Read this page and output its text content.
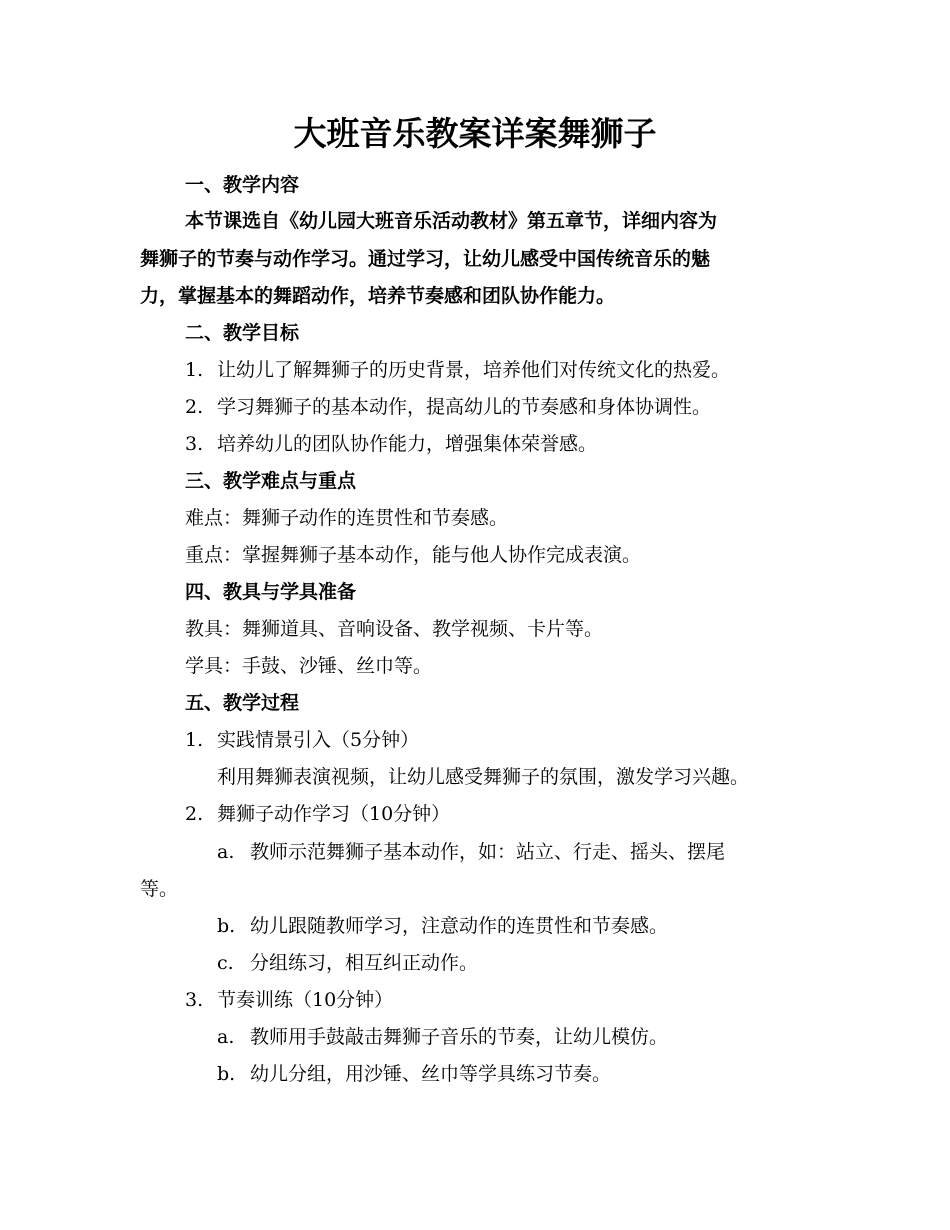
大班音乐教案详案舞狮子

一、教学内容

本节课选自《幼儿园大班音乐活动教材》第五章节，详细内容为

舞狮子的节奏与动作学习。通过学习，让幼儿感受中国传统音乐的魅

力，掌握基本的舞蹈动作，培养节奏感和团队协作能力。

二、教学目标

1. 让幼儿了解舞狮子的历史背景，培养他们对传统文化的热爱。

2. 学习舞狮子的基本动作，提高幼儿的节奏感和身体协调性。

3. 培养幼儿的团队协作能力，增强集体荣誉感。

三、教学难点与重点

难点：舞狮子动作的连贯性和节奏感。

重点：掌握舞狮子基本动作，能与他人协作完成表演。

四、教具与学具准备

教具：舞狮道具、音响设备、教学视频、卡片等。

学具：手鼓、沙锤、丝巾等。

五、教学过程

1. 实践情景引入（5分钟）

利用舞狮表演视频，让幼儿感受舞狮子的氛围，激发学习兴趣。

2. 舞狮子动作学习（10分钟）

a. 教师示范舞狮子基本动作，如：站立、行走、摇头、摆尾

等。

b. 幼儿跟随教师学习，注意动作的连贯性和节奏感。

c. 分组练习，相互纠正动作。

3. 节奏训练（10分钟）

a. 教师用手鼓敲击舞狮子音乐的节奏，让幼儿模仿。

b. 幼儿分组，用沙锤、丝巾等学具练习节奏。
